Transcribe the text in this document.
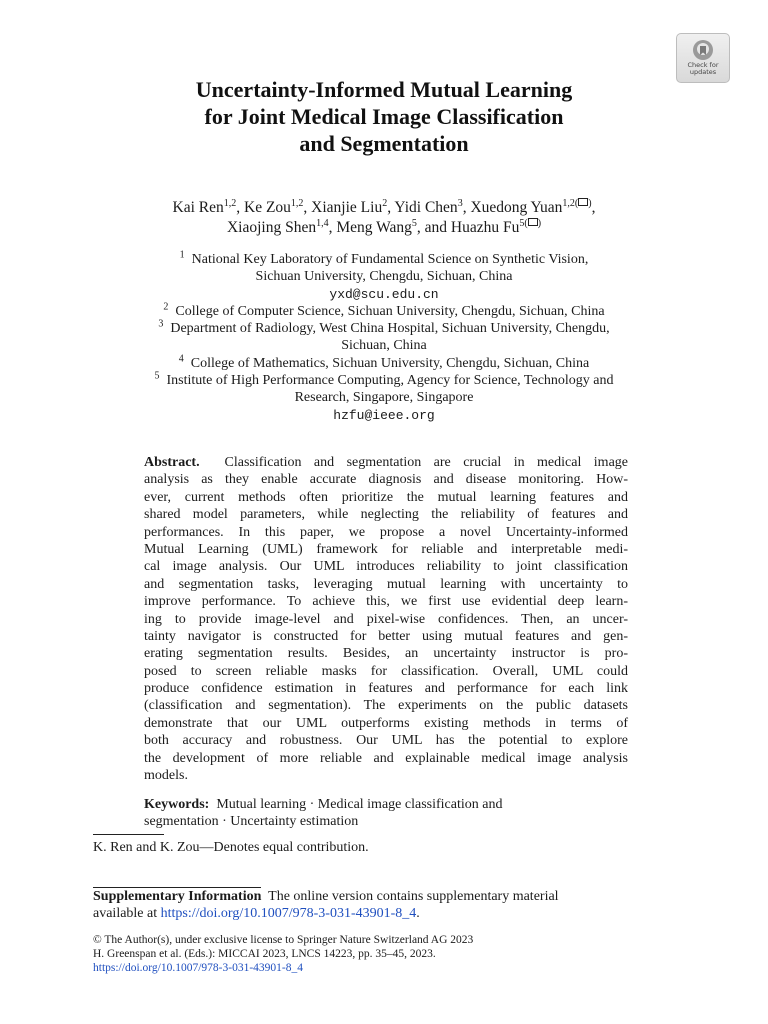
Check for
updates
Uncertainty-Informed Mutual Learning
for Joint Medical Image Classification
and Segmentation
Kai Ren$^{1,2}$, Ke Zou$^{1,2}$, Xianjie Liu$^2$, Yidi Chen$^3$, Xuedong Yuan$^{1,2( )}$,
Xiaojing Shen$^{1,4}$, Meng Wang$^5$, and Huazhu $Fu^{5( )}$
$^1$ National Key Laboratory of Fundamental Science on Synthetic Vision,
Sichuan University, Chengdu, Sichuan, China
yxd@scu.edu.cn
$^2$ College of Computer Science, Sichuan University, Chengdu, Sichuan, China
$^3$ Department of Radiology, West China Hospital, Sichuan University, Chengdu,
Sichuan, China
$^4$ College of Mathematics, Sichuan University, Chengdu, Sichuan, China
$^5$ Institute of High Performance Computing, Agency for Science, Technology and
Research, Singapore, Singapore
hzfu@ieee.org
Abstract. Classification and segmentation are crucial in medical image
analysis as they enable accurate diagnosis and disease monitoring. How-
ever, current methods often prioritize the mutual learning features and
shared model parameters, while neglecting the reliability of features and
performances. In this paper, we propose a novel Uncertainty-informed
Mutual Learning (UML) framework for reliable and interpretable medi-
cal image analysis. Our UML introduces reliability to joint classification
and segmentation tasks, leveraging mutual learning with uncertainty to
improve performance. To achieve this, we first use evidential deep learn-
ing to provide image-level and pixel-wise confidences. Then, an uncer-
tainty navigator is constructed for better using mutual features and gen-
erating segmentation results. Besides, an uncertainty instructor is pro-
posed to screen reliable masks for classification. Overall, UML could
produce confidence estimation in features and performance for each link
(classification and segmentation). The experiments on the public datasets
demonstrate that our UML outperforms existing methods in terms of
both accuracy and robustness. Our UML has the potential to explore
the development of more reliable and explainable medical image analysis
models.
Keywords: Mutual learning · Medical image classification and
segmentation · Uncertainty estimation
K. Ren and K. Zou—Denotes equal contribution.
Supplementary Information The online version contains supplementary material
available at https://doi.org/10.1007/978-3-031-43901-8_4.
© The Author(s), under exclusive license to Springer Nature Switzerland AG 2023
H. Greenspan et al. (Eds.): MICCAI 2023, LNCS 14223, pp. 35–45, 2023.
https://doi.org/10.1007/978-3-031-43901-8_4
